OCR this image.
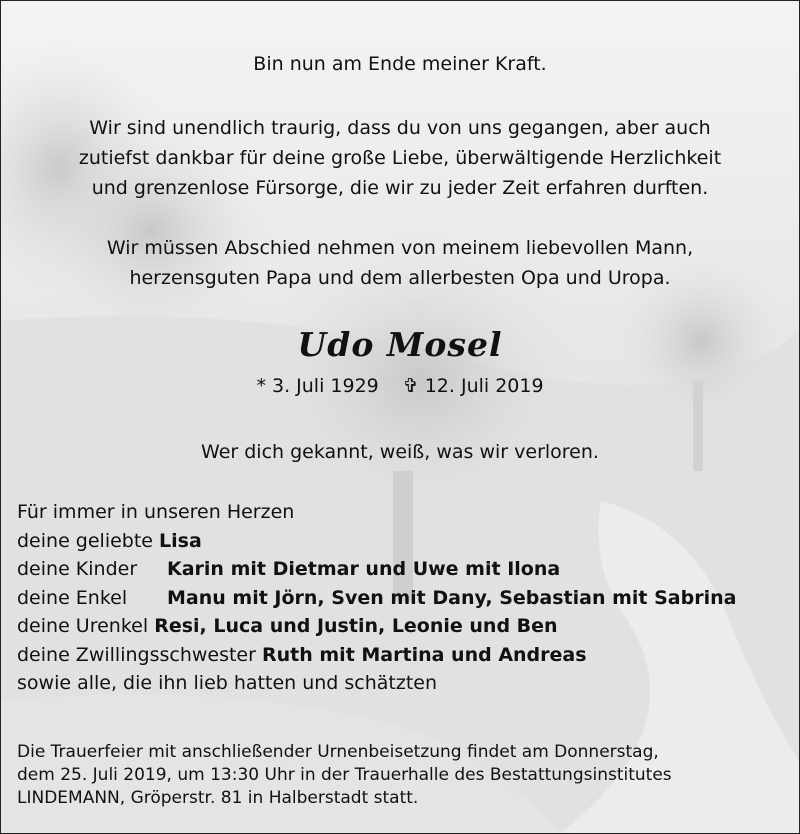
Bin nun am Ende meiner Kraft.
Wir sind unendlich traurig, dass du von uns gegangen, aber auch
zutiefst dankbar für deine große Liebe, überwältigende Herzlichkeit
und grenzenlose Fürsorge, die wir zu jeder Zeit erfahren durften.
Wir müssen Abschied nehmen von meinem liebevollen Mann,
herzensguten Papa und dem allerbesten Opa und Uropa.
Udo Mosel
* 3. Juli 1929 ✞ 12. Juli 2019
Wer dich gekannt, weiß, was wir verloren.
Für immer in unseren Herzen
deine geliebte Lisa
deine Kinder Karin mit Dietmar und Uwe mit Ilona
deine Enkel Manu mit Jörn, Sven mit Dany, Sebastian mit Sabrina
deine Urenkel Resi, Luca und Justin, Leonie und Ben
deine Zwillingsschwester Ruth mit Martina und Andreas
sowie alle, die ihn lieb hatten und schätzten
Die Trauerfeier mit anschließender Urnenbeisetzung findet am Donnerstag,
dem 25. Juli 2019, um 13:30 Uhr in der Trauerhalle des Bestattungsinstitutes
LINDEMANN, Gröperstr. 81 in Halberstadt statt.
